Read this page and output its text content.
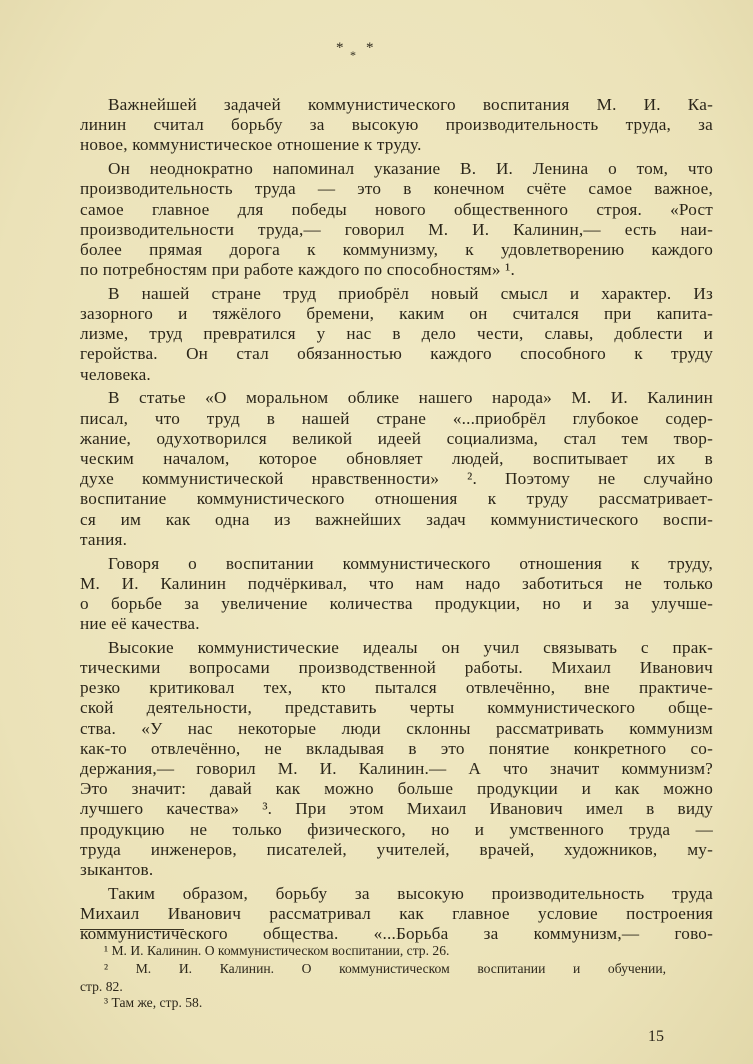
* * *
Важнейшей задачей коммунистического воспитания М. И. Ка-
линин считал борьбу за высокую производительность труда, за
новое, коммунистическое отношение к труду.
Он неоднократно напоминал указание В. И. Ленина о том, что
производительность труда — это в конечном счёте самое важное,
самое главное для победы нового общественного строя. «Рост
производительности труда,— говорил М. И. Калинин,— есть наи-
более прямая дорога к коммунизму, к удовлетворению каждого
по потребностям при работе каждого по способностям» ¹.
В нашей стране труд приобрёл новый смысл и характер. Из
зазорного и тяжёлого бремени, каким он считался при капита-
лизме, труд превратился у нас в дело чести, славы, доблести и
геройства. Он стал обязанностью каждого способного к труду
человека.
В статье «О моральном облике нашего народа» М. И. Калинин
писал, что труд в нашей стране «...приобрёл глубокое содер-
жание, одухотворился великой идеей социализма, стал тем твор-
ческим началом, которое обновляет людей, воспитывает их в
духе коммунистической нравственности» ². Поэтому не случайно
воспитание коммунистического отношения к труду рассматривает-
ся им как одна из важнейших задач коммунистического воспи-
тания.
Говоря о воспитании коммунистического отношения к труду,
М. И. Калинин подчёркивал, что нам надо заботиться не только
о борьбе за увеличение количества продукции, но и за улучше-
ние её качества.
Высокие коммунистические идеалы он учил связывать с прак-
тическими вопросами производственной работы. Михаил Иванович
резко критиковал тех, кто пытался отвлечённо, вне практиче-
ской деятельности, представить черты коммунистического обще-
ства. «У нас некоторые люди склонны рассматривать коммунизм
как-то отвлечённо, не вкладывая в это понятие конкретного со-
держания,— говорил М. И. Калинин.— А что значит коммунизм?
Это значит: давай как можно больше продукции и как можно
лучшего качества» ³. При этом Михаил Иванович имел в виду
продукцию не только физического, но и умственного труда —
труда инженеров, писателей, учителей, врачей, художников, му-
зыкантов.
Таким образом, борьбу за высокую производительность труда
Михаил Иванович рассматривал как главное условие построения
коммунистического общества. «...Борьба за коммунизм,— гово-
¹ М. И. Калинин. О коммунистическом воспитании, стр. 26.
² М. И. Калинин. О коммунистическом воспитании и обучении,
стр. 82.
³ Там же, стр. 58.
15
